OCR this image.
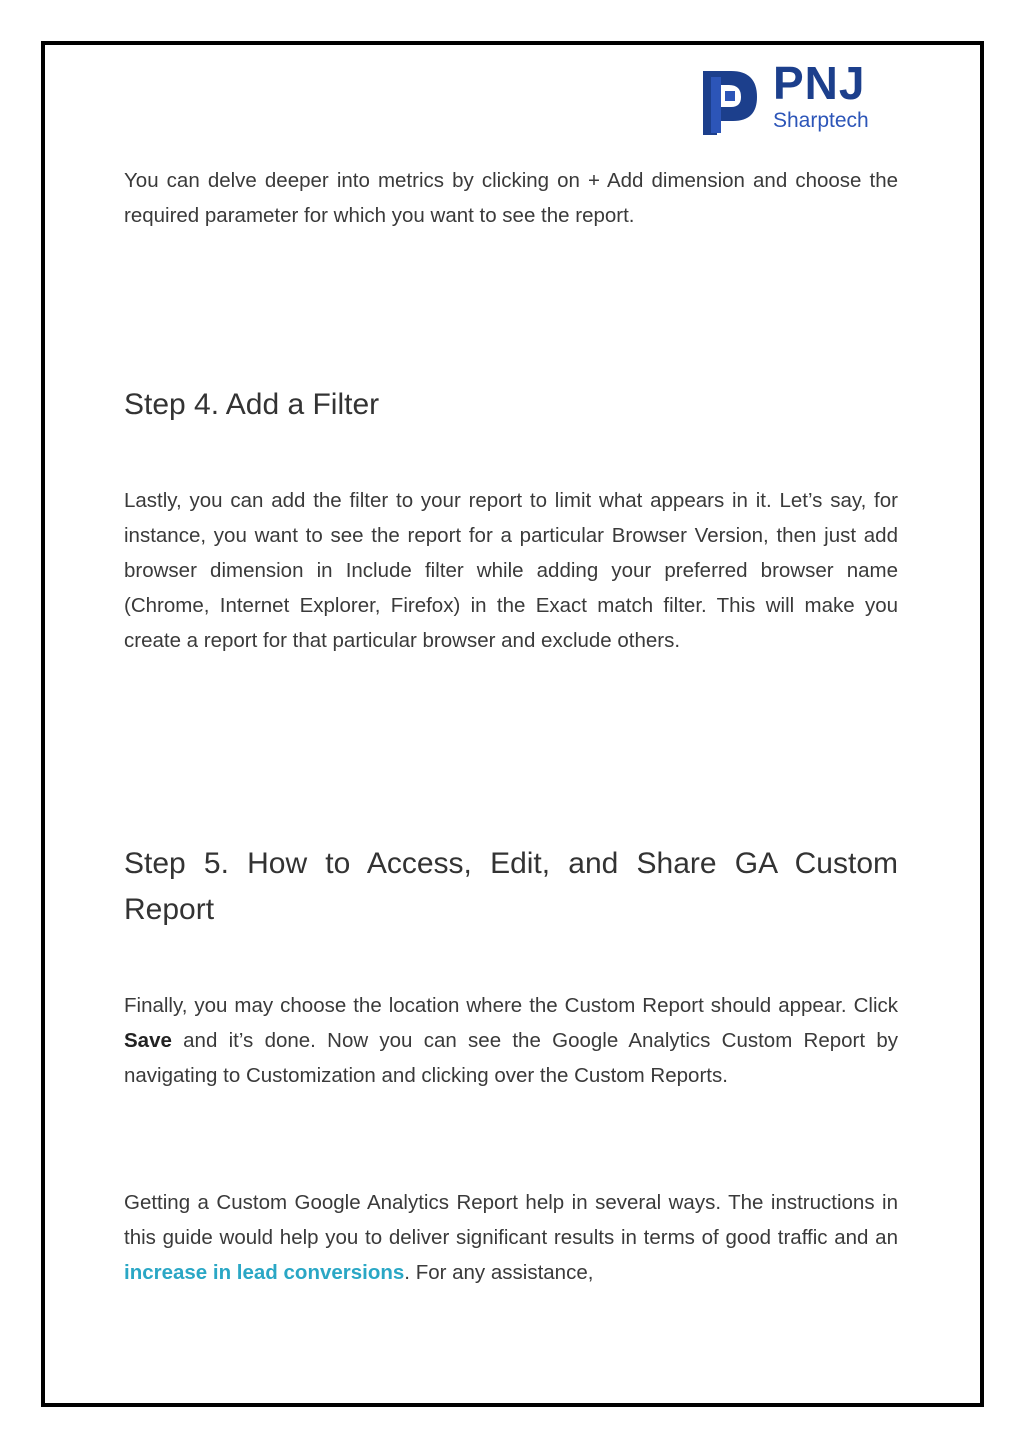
PNJ
Sharptech

You can delve deeper into metrics by clicking on + Add dimension and choose the required parameter for which you want to see the report.

Step 4. Add a Filter

Lastly, you can add the filter to your report to limit what appears in it. Let’s say, for instance, you want to see the report for a particular Browser Version, then just add browser dimension in Include filter while adding your preferred browser name (Chrome, Internet Explorer, Firefox) in the Exact match filter. This will make you create a report for that particular browser and exclude others.

Step 5. How to Access, Edit, and Share GA Custom
Report

Finally, you may choose the location where the Custom Report should appear. Click Save and it’s done. Now you can see the Google Analytics Custom Report by navigating to Customization and clicking over the Custom Reports.

Getting a Custom Google Analytics Report help in several ways. The instructions in this guide would help you to deliver significant results in terms of good traffic and an increase in lead conversions. For any assistance,
